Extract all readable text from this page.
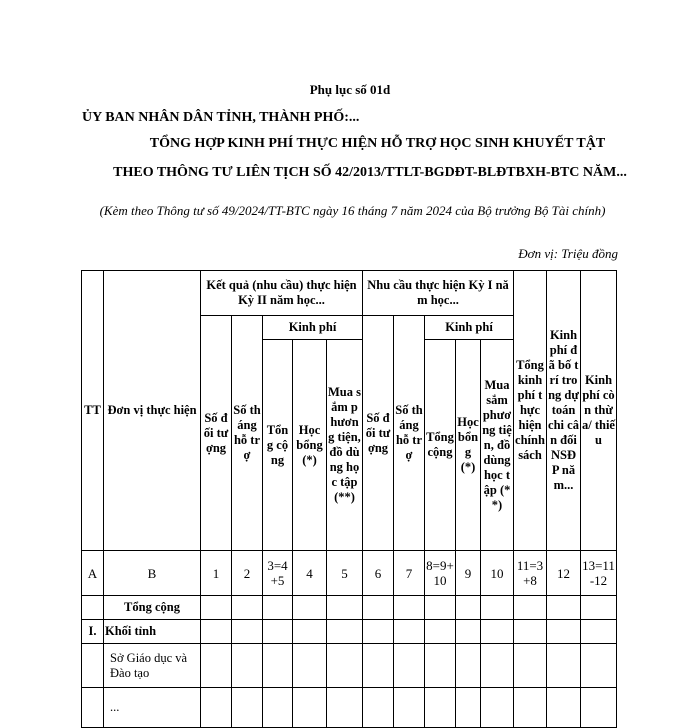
Phụ lục số 01d
ỦY BAN NHÂN DÂN TỈNH, THÀNH PHỐ:...
TỔNG HỢP KINH PHÍ THỰC HIỆN HỖ TRỢ HỌC SINH KHUYẾT TẬT
THEO THÔNG TƯ LIÊN TỊCH SỐ 42/2013/TTLT-BGDĐT-BLĐTBXH-BTC NĂM...
(Kèm theo Thông tư số 49/2024/TT-BTC ngày 16 tháng 7 năm 2024 của Bộ trưởng Bộ Tài chính)
Đơn vị: Triệu đồng
TT	Đơn vị thực hiện	Kết quả (nhu cầu) thực hiện Kỳ II năm học...					Nhu cầu thực hiện Kỳ I năm học...					Tổng kinh phí thực hiện chính sách	Kinh phí đã bố trí trong dự toán chi cân đối NSĐP năm...	Kinh phí còn thừa/ thiếu
		Số đối tượng	Số tháng hỗ trợ	Kinh phí			Số đối tượng	Số tháng hỗ trợ	Kinh phí					
				Tổng cộng	Học bổng (*)	Mua sắm phương tiện, đồ dùng học tập (**)			Tổng cộng	Học bổng (*)	Mua sắm phương tiện, đồ dùng học tập (**)			
A	B	1	2	3=4+5	4	5	6	7	8=9+10	9	10	11=3+8	12	13=11-12
	Tổng cộng													
I.	Khối tỉnh													
	Sở Giáo dục và Đào tạo													
	...													
